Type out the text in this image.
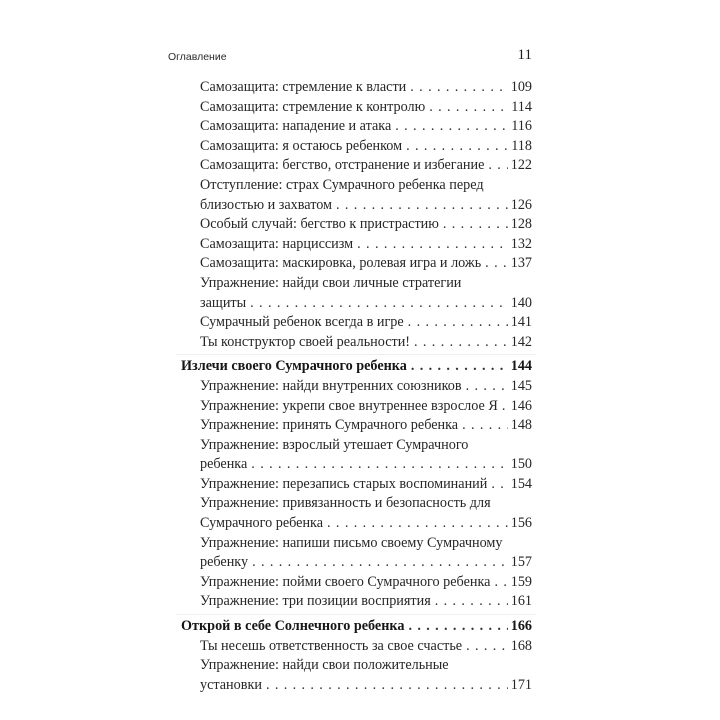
Оглавление	11
Самозащита: стремление к власти . . .	109
Самозащита: стремление к контролю . . .	114
Самозащита: нападение и атака . . .	116
Самозащита: я остаюсь ребенком . . .	118
Самозащита: бегство, отстранение и избегание . . . 122
Отступление: страх Сумрачного ребенка перед
близостью и захватом . . .	126
Особый случай: бегство к пристрастию . . .	128
Самозащита: нарциссизм . . .	132
Самозащита: маскировка, ролевая игра и ложь . . . 137
Упражнение: найди свои личные стратегии
защиты . . .	140
Сумрачный ребенок всегда в игре . . .	141
Ты конструктор своей реальности! . . .	142
Излечи своего Сумрачного ребенка . . .	144
Упражнение: найди внутренних союзников . . .	145
Упражнение: укрепи свое внутреннее взрослое Я . . . 146
Упражнение: принять Сумрачного ребенка . . .	148
Упражнение: взрослый утешает Сумрачного
ребенка . . .	150
Упражнение: перезапись старых воспоминаний . . . 154
Упражнение: привязанность и безопасность для
Сумрачного ребенка . . .	156
Упражнение: напиши письмо своему Сумрачному
ребенку . . .	157
Упражнение: пойми своего Сумрачного ребенка . . . 159
Упражнение: три позиции восприятия . . .	161
Открой в себе Солнечного ребенка . . .	166
Ты несешь ответственность за свое счастье . . .	168
Упражнение: найди свои положительные
установки . . .	171
